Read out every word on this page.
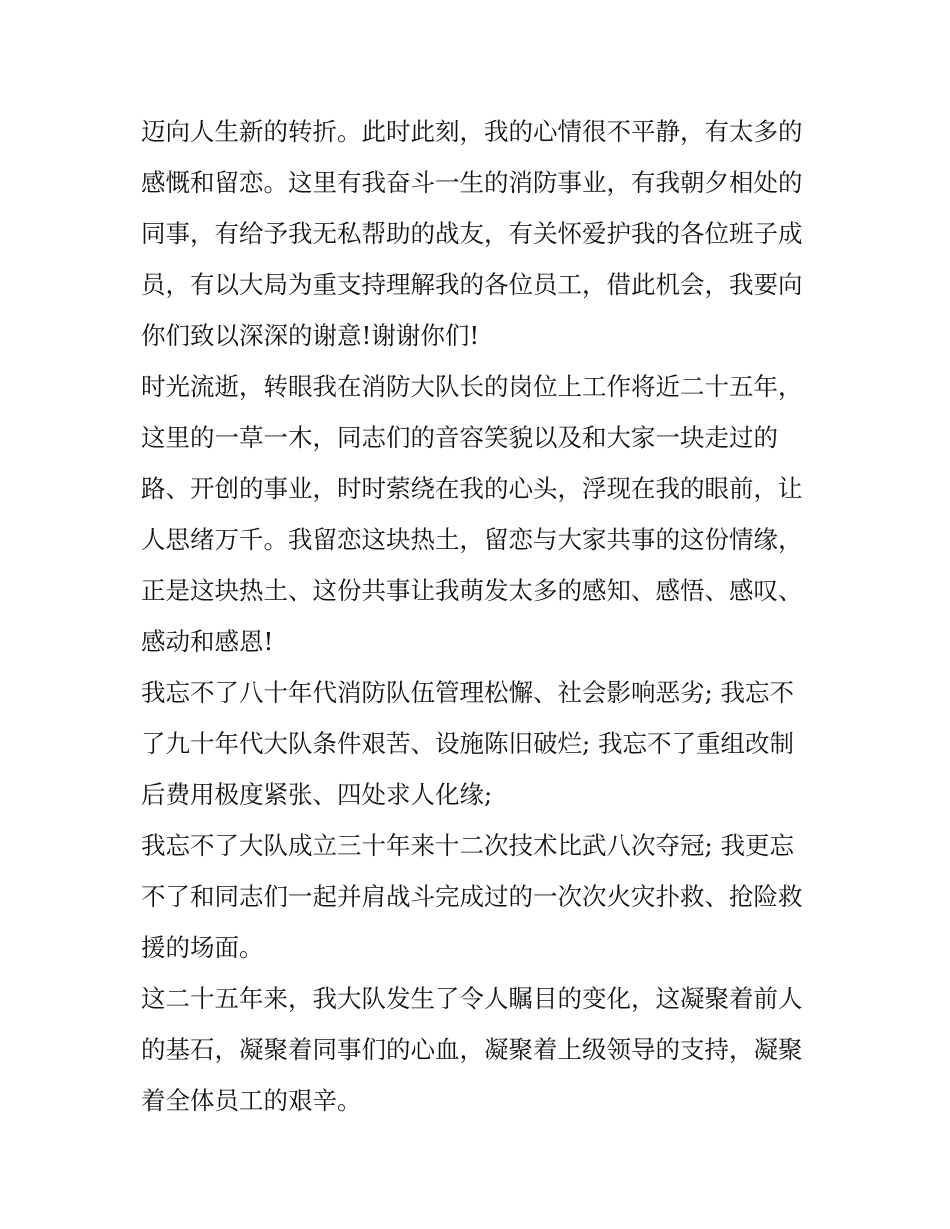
迈向人生新的转折。此时此刻，我的心情很不平静，有太多的
感慨和留恋。这里有我奋斗一生的消防事业，有我朝夕相处的
同事，有给予我无私帮助的战友，有关怀爱护我的各位班子成
员，有以大局为重支持理解我的各位员工，借此机会，我要向
你们致以深深的谢意!谢谢你们!
时光流逝，转眼我在消防大队长的岗位上工作将近二十五年，
这里的一草一木，同志们的音容笑貌以及和大家一块走过的
路、开创的事业，时时萦绕在我的心头，浮现在我的眼前，让
人思绪万千。我留恋这块热土，留恋与大家共事的这份情缘，
正是这块热土、这份共事让我萌发太多的感知、感悟、感叹、
感动和感恩!
我忘不了八十年代消防队伍管理松懈、社会影响恶劣; 我忘不
了九十年代大队条件艰苦、设施陈旧破烂; 我忘不了重组改制
后费用极度紧张、四处求人化缘;
我忘不了大队成立三十年来十二次技术比武八次夺冠; 我更忘
不了和同志们一起并肩战斗完成过的一次次火灾扑救、抢险救
援的场面。
这二十五年来，我大队发生了令人瞩目的变化，这凝聚着前人
的基石，凝聚着同事们的心血，凝聚着上级领导的支持，凝聚
着全体员工的艰辛。
